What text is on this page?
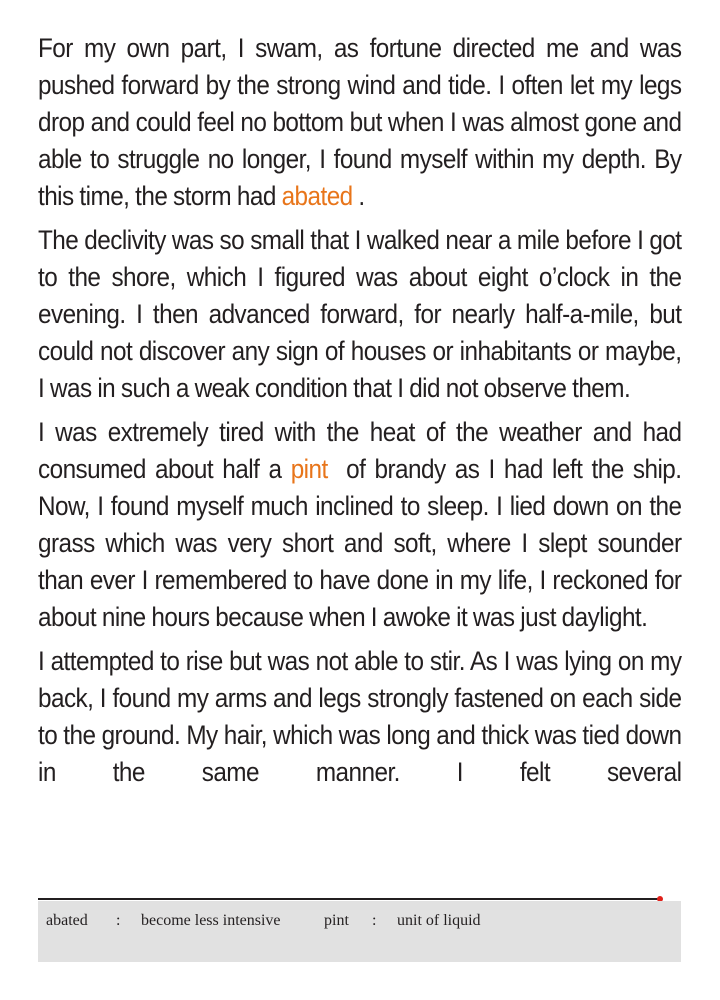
For my own part, I swam, as fortune directed me and was pushed forward by the strong wind and tide. I often let my legs drop and could feel no bottom but when I was almost gone and able to struggle no longer, I found myself within my depth. By this time, the storm had abated .

The declivity was so small that I walked near a mile before I got to the shore, which I figured was about eight o’clock in the evening. I then advanced forward, for nearly half-a-mile, but could not discover any sign of houses or inhabitants or maybe, I was in such a weak condition that I did not observe them.

I was extremely tired with the heat of the weather and had consumed about half a pint  of brandy as I had left the ship. Now, I found myself much inclined to sleep. I lied down on the grass which was very short and soft, where I slept sounder than ever I remembered to have done in my life, I reckoned for about nine hours because when I awoke it was just daylight.

I attempted to rise but was not able to stir. As I was lying on my back, I found my arms and legs strongly fastened on each side to the ground. My hair, which was long and thick was tied down in the same manner. I felt several

abated : become less intensive	pint : unit of liquid
